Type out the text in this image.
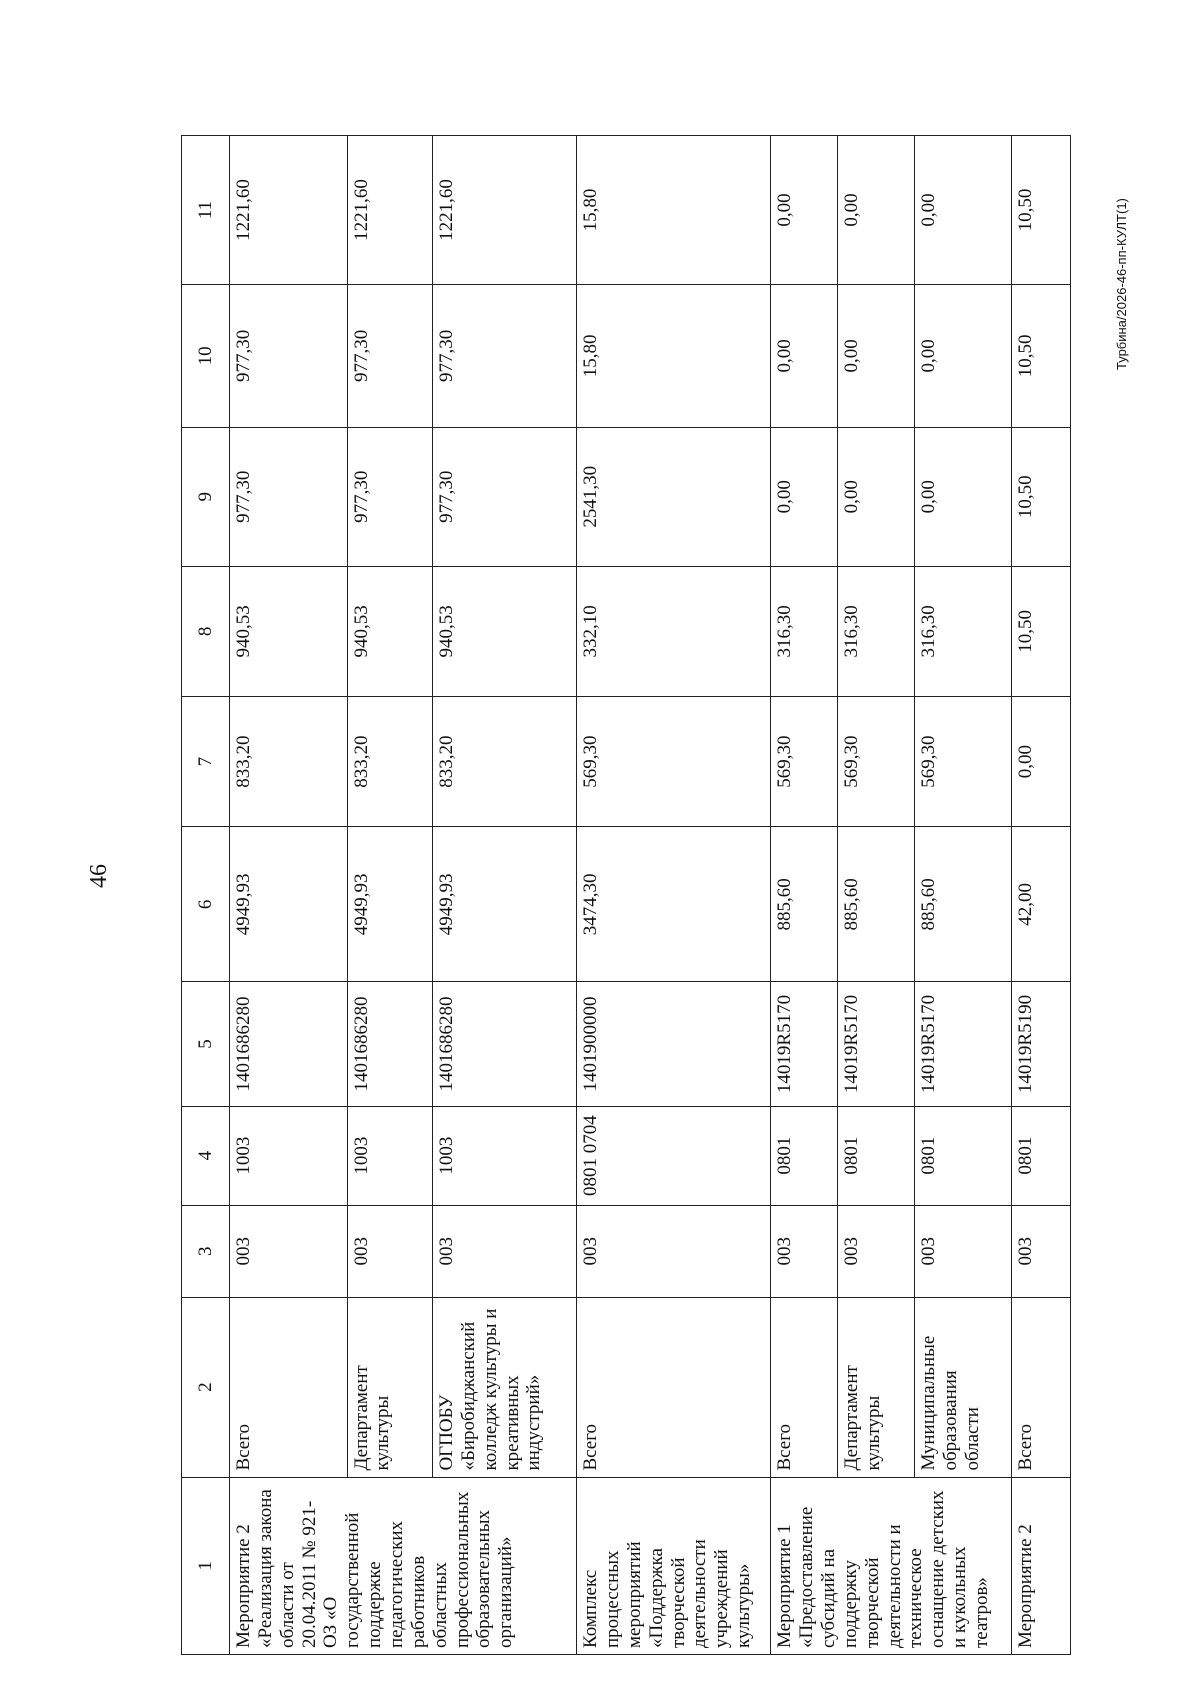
46
Турбина/2026-46-пп-КУЛТ(1)
1	2	3	4	5	6	7	8	9	10	11
Мероприятие 2 «Реализация закона области от 20.04.2011 № 921-ОЗ «О государственной поддержке педагогических работников областных профессиональных образовательных организаций»	Всего	003	1003	1401686280	4949,93	833,20	940,53	977,30	977,30	1221,60
	Департамент культуры	003	1003	1401686280	4949,93	833,20	940,53	977,30	977,30	1221,60
	ОГПОБУ «Биробиджанский колледж культуры и креативных индустрий»	003	1003	1401686280	4949,93	833,20	940,53	977,30	977,30	1221,60
Комплекс процессных мероприятий «Поддержка творческой деятельности учреждений культуры»	Всего	003	0801 0704	1401900000	3474,30	569,30	332,10	2541,30	15,80	15,80
Мероприятие 1 «Предоставление субсидий на поддержку творческой деятельности и техническое оснащение детских и кукольных театров»	Всего	003	0801	14019R5170	885,60	569,30	316,30	0,00	0,00	0,00
	Департамент культуры	003	0801	14019R5170	885,60	569,30	316,30	0,00	0,00	0,00
	Муниципальные образования области	003	0801	14019R5170	885,60	569,30	316,30	0,00	0,00	0,00
Мероприятие 2	Всего	003	0801	14019R5190	42,00	0,00	10,50	10,50	10,50	10,50
